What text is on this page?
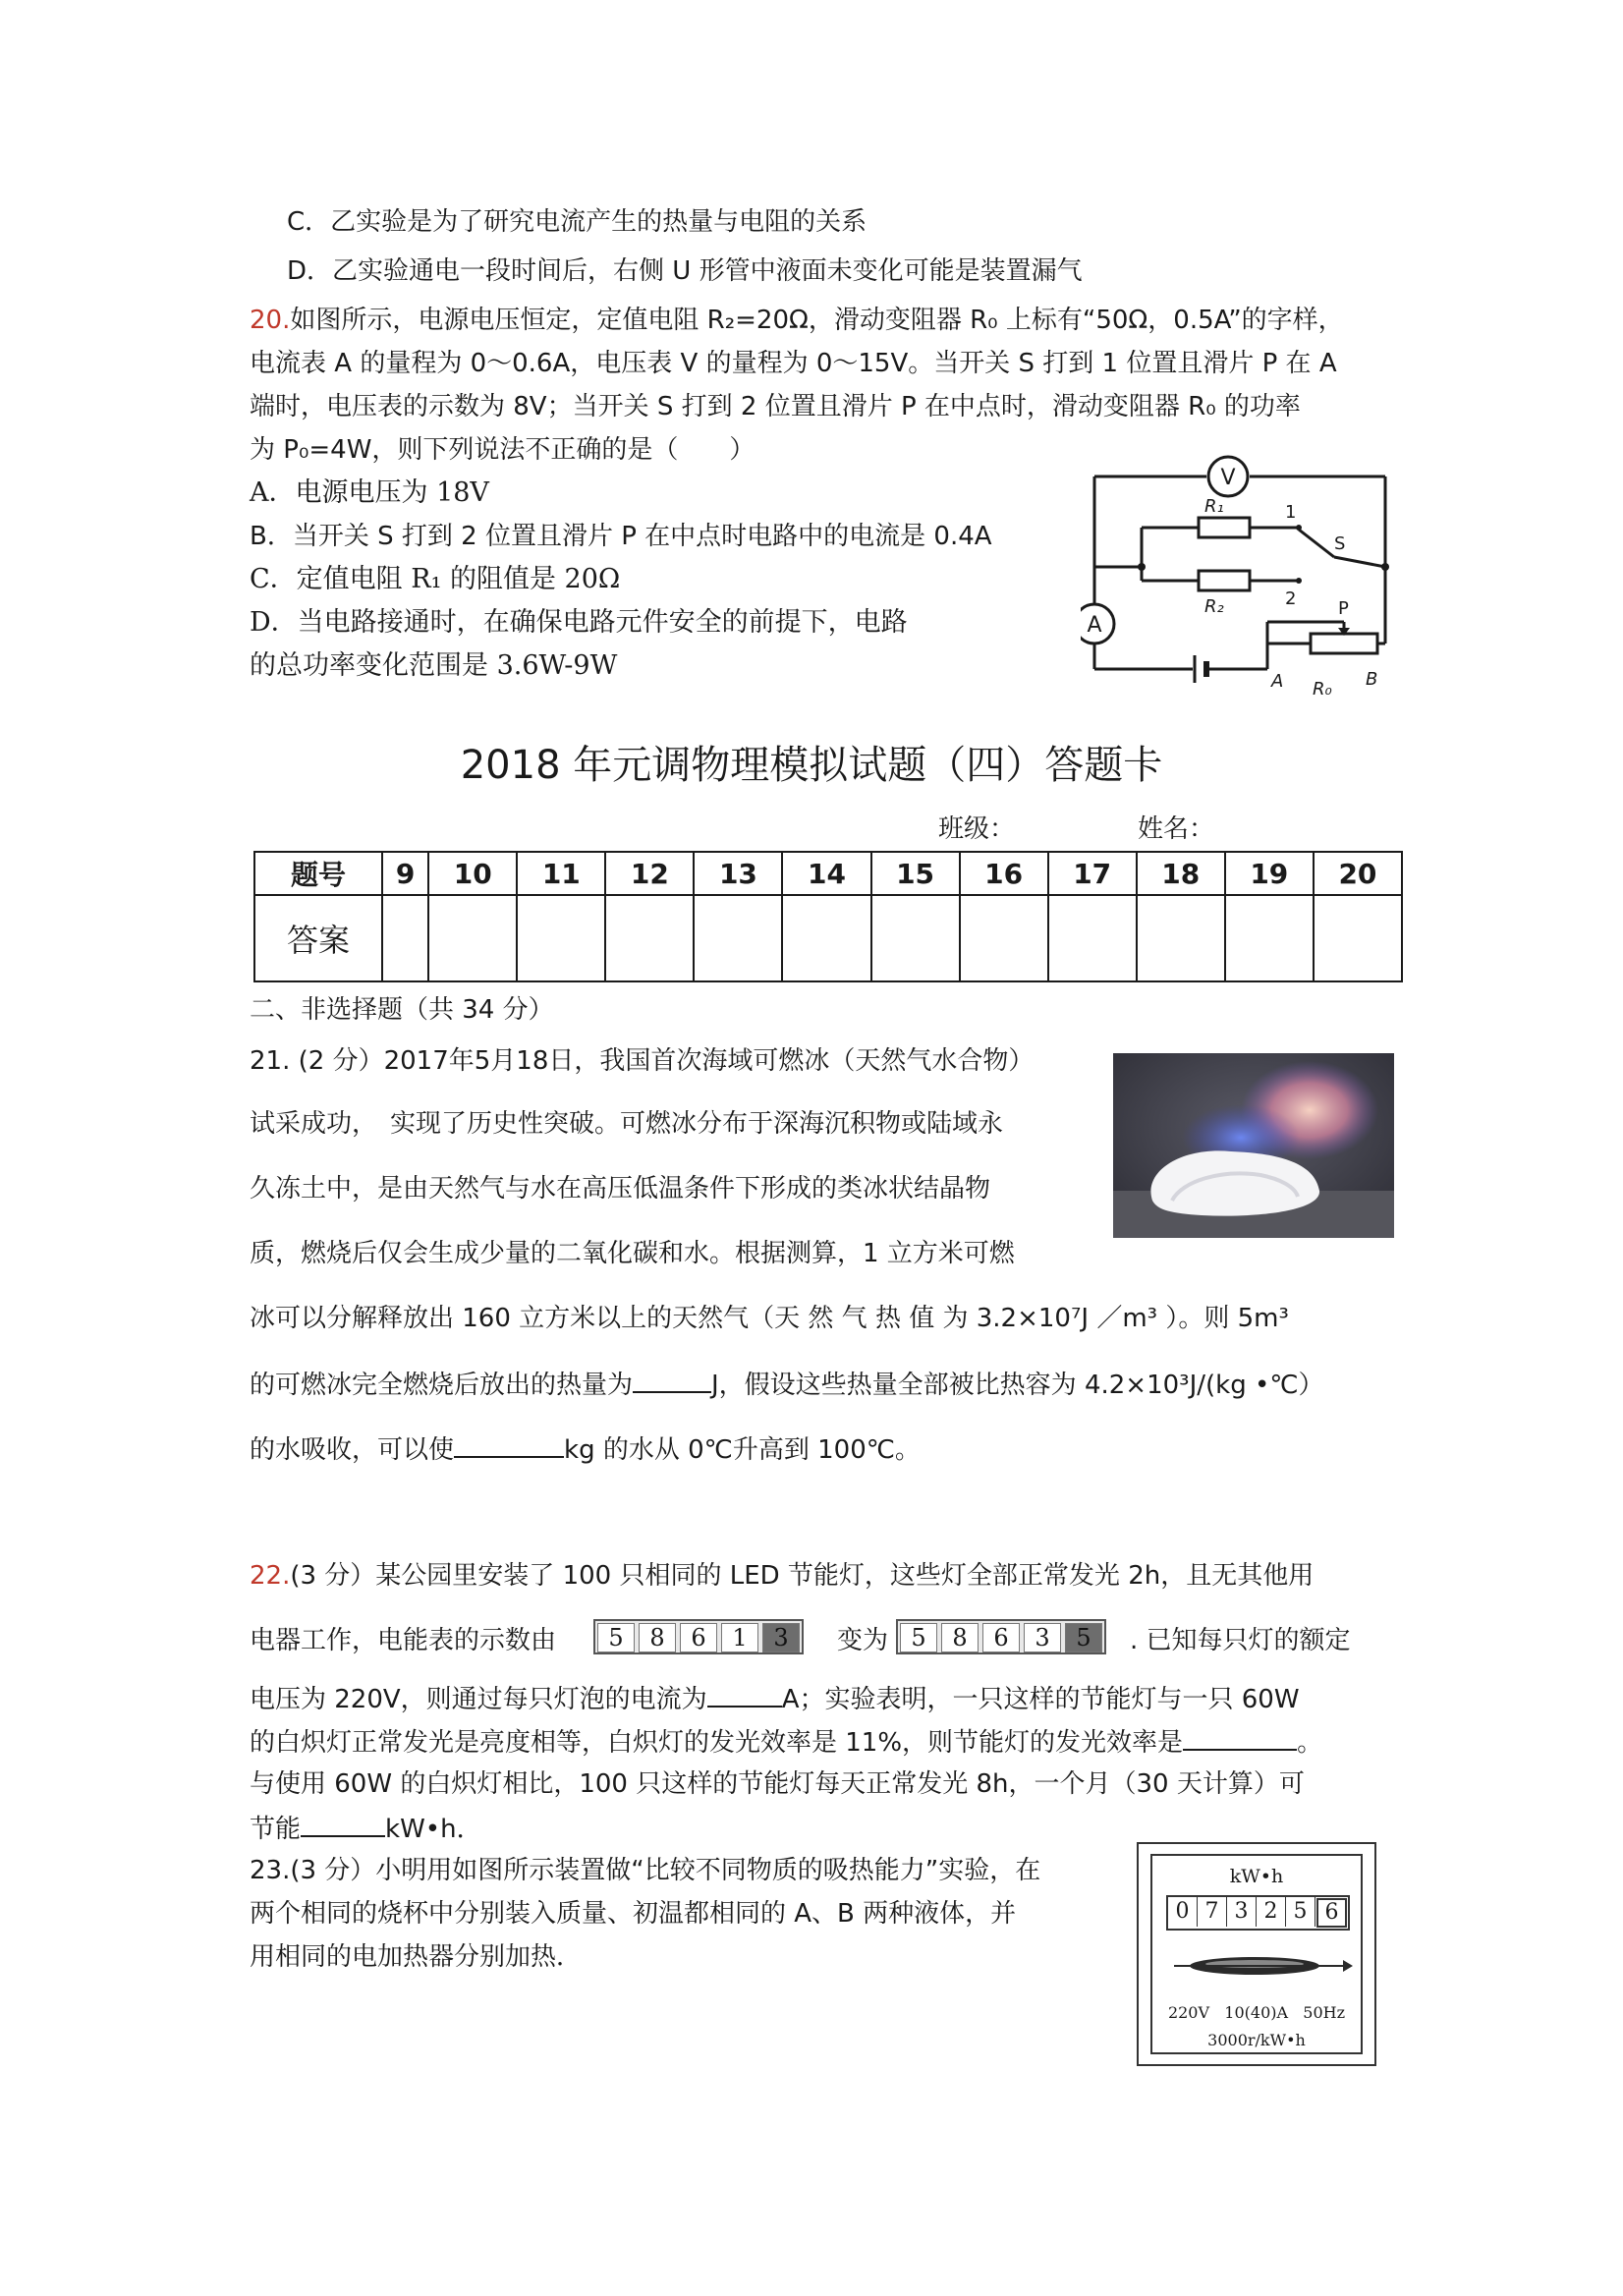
C．乙实验是为了研究电流产生的热量与电阻的关系
D．乙实验通电一段时间后，右侧 U 形管中液面未变化可能是装置漏气
20.如图所示，电源电压恒定，定值电阻 R₂=20Ω，滑动变阻器 R₀ 上标有“50Ω，0.5A”的字样，
电流表 A 的量程为 0～0.6A，电压表 V 的量程为 0～15V。当开关 S 打到 1 位置且滑片 P 在 A
端时，电压表的示数为 8V；当开关 S 打到 2 位置且滑片 P 在中点时，滑动变阻器 R₀ 的功率
为 P₀=4W，则下列说法不正确的是（　　）
A．电源电压为 18V
B．当开关 S 打到 2 位置且滑片 P 在中点时电路中的电流是 0.4A
C．定值电阻 R₁ 的阻值是 20Ω
D．当电路接通时，在确保电路元件安全的前提下，电路
的总功率变化范围是 3.6W-9W
V
A
R₁
R₂
1
2
S
P
A	B
R₀
2018 年元调物理模拟试题（四）答题卡
班级：	姓名：
题号	9	10	11	12	13	14	15	16	17	18	19	20
答案												
二、非选择题（共 34 分）
21. (2 分）2017年5月18日，我国首次海域可燃冰（天然气水合物）
试采成功，　实现了历史性突破。可燃冰分布于深海沉积物或陆域永
久冻土中，是由天然气与水在高压低温条件下形成的类冰状结晶物
质，燃烧后仅会生成少量的二氧化碳和水。根据测算，1 立方米可燃
冰可以分解释放出 160 立方米以上的天然气（天 然 气 热 值 为 3.2×10⁷J ／m³ ）。则 5m³
的可燃冰完全燃烧后放出的热量为	J，假设这些热量全部被比热容为 4.2×10³J/(kg •℃）
的水吸收，可以使	kg 的水从 0℃升高到 100℃。
22.(3 分）某公园里安装了 100 只相同的 LED 节能灯，这些灯全部正常发光 2h，且无其他用
电器工作，电能表的示数由	5	8	6	1	3	变为 5	8	6	3	5	. 已知每只灯的额定
电压为 220V，则通过每只灯泡的电流为	A；实验表明，一只这样的节能灯与一只 60W
的白炽灯正常发光是亮度相等，白炽灯的发光效率是 11%，则节能灯的发光效率是	。
与使用 60W 的白炽灯相比，100 只这样的节能灯每天正常发光 8h，一个月（30 天计算）可
节能	kW•h．
23.(3 分）小明用如图所示装置做“比较不同物质的吸热能力”实验，在
两个相同的烧杯中分别装入质量、初温都相同的 A、B 两种液体，并
用相同的电加热器分别加热．
kW•h
0 7 3 2 5 6
220V   10(40)A   50Hz
3000r/kW•h
